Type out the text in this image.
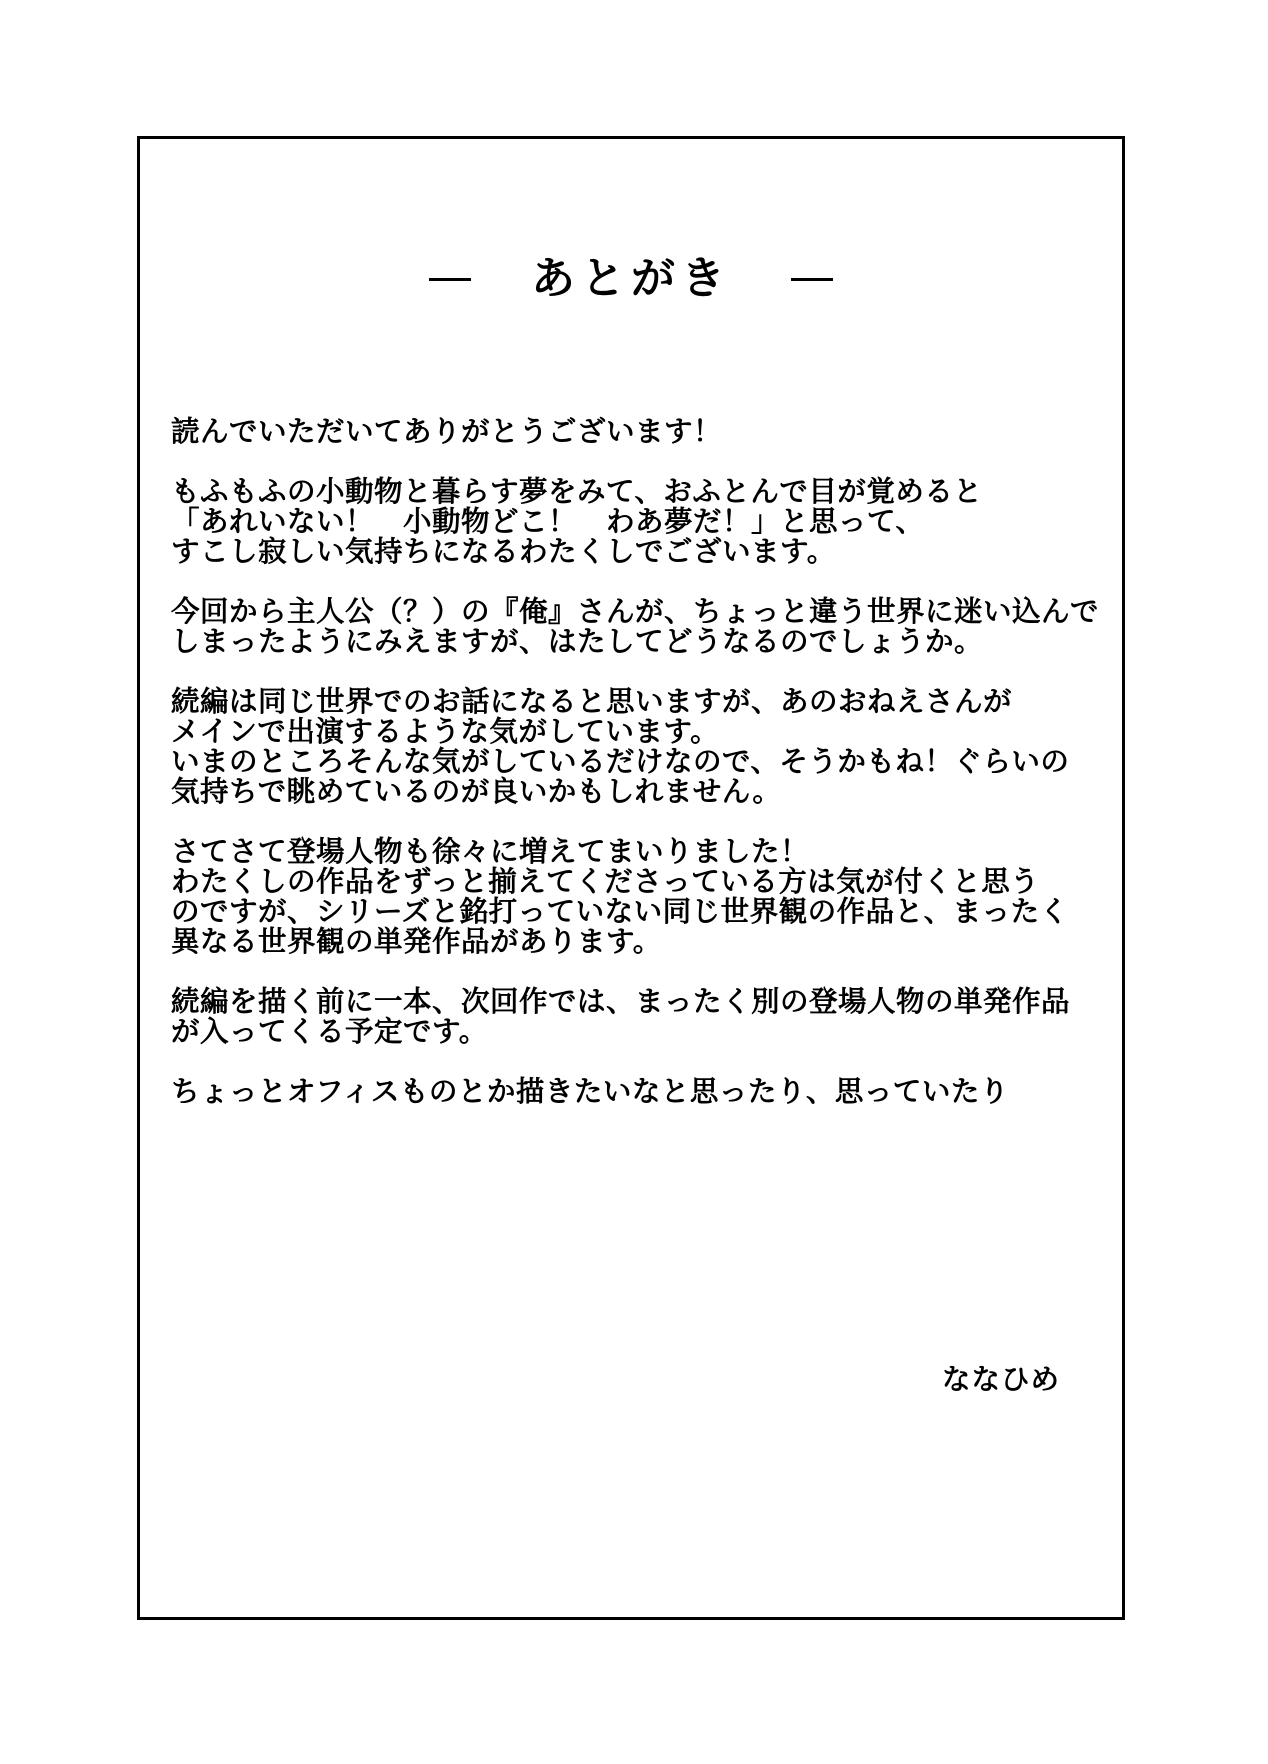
あとがき
読んでいただいてありがとうございます！
もふもふの小動物と暮らす夢をみて、おふとんで目が覚めると
「あれいない！　小動物どこ！　わあ夢だ！」と思って、
すこし寂しい気持ちになるわたくしでございます。
今回から主人公（？）の『俺』さんが、ちょっと違う世界に迷い込んで
しまったようにみえますが、はたしてどうなるのでしょうか。
続編は同じ世界でのお話になると思いますが、あのおねえさんが
メインで出演するような気がしています。
いまのところそんな気がしているだけなので、そうかもね！ぐらいの
気持ちで眺めているのが良いかもしれません。
さてさて登場人物も徐々に増えてまいりました！
わたくしの作品をずっと揃えてくださっている方は気が付くと思う
のですが、シリーズと銘打っていない同じ世界観の作品と、まったく
異なる世界観の単発作品があります。
続編を描く前に一本、次回作では、まったく別の登場人物の単発作品
が入ってくる予定です。
ちょっとオフィスものとか描きたいなと思ったり、思っていたり
ななひめ
